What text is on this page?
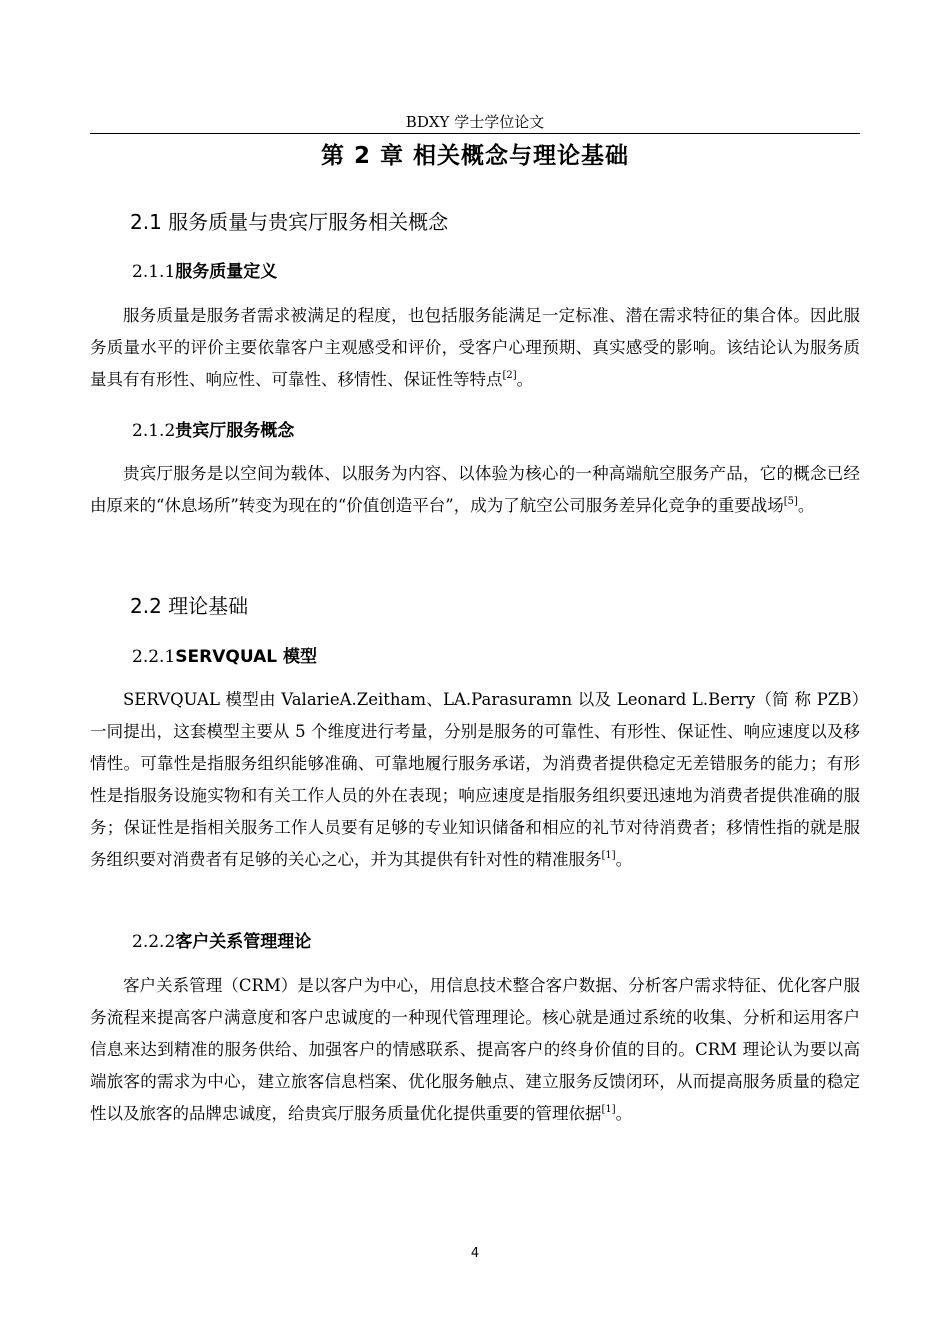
BDXY 学士学位论文
第 2 章 相关概念与理论基础
2.1 服务质量与贵宾厅服务相关概念
2.1.1服务质量定义

服务质量是服务者需求被满足的程度，也包括服务能满足一定标准、潜在需求特征的集合体。因此服务质量水平的评价主要依靠客户主观感受和评价，受客户心理预期、真实感受的影响。该结论认为服务质量具有有形性、响应性、可靠性、移情性、保证性等特点[2]。

2.1.2贵宾厅服务概念

贵宾厅服务是以空间为载体、以服务为内容、以体验为核心的一种高端航空服务产品，它的概念已经由原来的“休息场所”转变为现在的“价值创造平台”，成为了航空公司服务差异化竞争的重要战场[5]。

2.2 理论基础
2.2.1SERVQUAL 模型

SERVQUAL 模型由 ValarieA.Zeitham、LA.Parasuramn 以及 Leonard L.Berry（简 称 PZB）一同提出，这套模型主要从 5 个维度进行考量，分别是服务的可靠性、有形性、保证性、响应速度以及移情性。可靠性是指服务组织能够准确、可靠地履行服务承诺，为消费者提供稳定无差错服务的能力；有形性是指服务设施实物和有关工作人员的外在表现；响应速度是指服务组织要迅速地为消费者提供准确的服务；保证性是指相关服务工作人员要有足够的专业知识储备和相应的礼节对待消费者；移情性指的就是服务组织要对消费者有足够的关心之心，并为其提供有针对性的精准服务[1]。

2.2.2客户关系管理理论

客户关系管理（CRM）是以客户为中心，用信息技术整合客户数据、分析客户需求特征、优化客户服务流程来提高客户满意度和客户忠诚度的一种现代管理理论。核心就是通过系统的收集、分析和运用客户信息来达到精准的服务供给、加强客户的情感联系、提高客户的终身价值的目的。CRM 理论认为要以高端旅客的需求为中心，建立旅客信息档案、优化服务触点、建立服务反馈闭环，从而提高服务质量的稳定性以及旅客的品牌忠诚度，给贵宾厅服务质量优化提供重要的管理依据[1]。

4
